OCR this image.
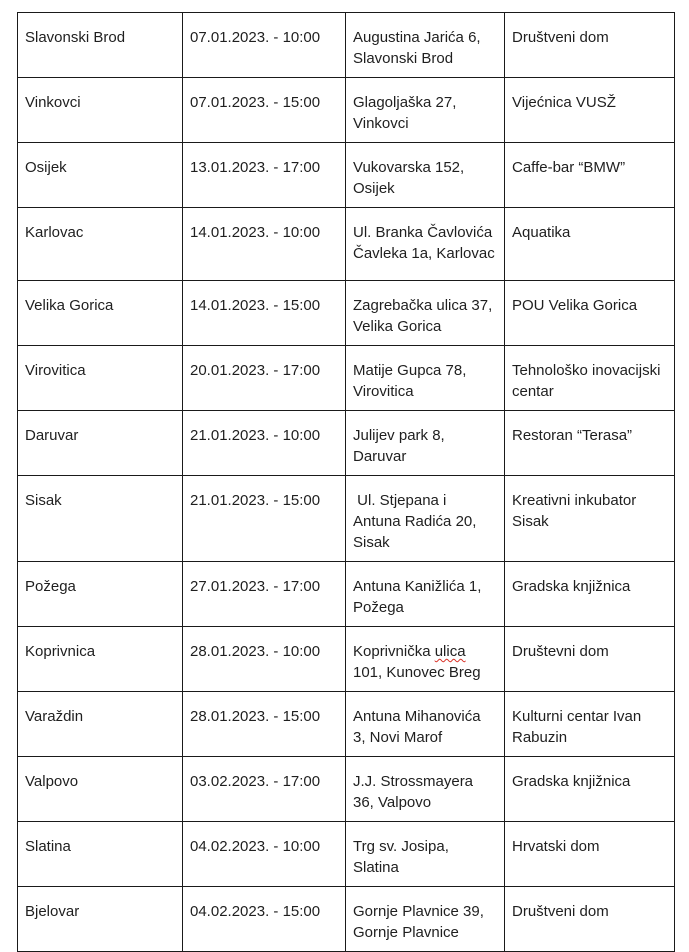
Slavonski Brod	07.01.2023. - 10:00	Augustina Jarića 6, Slavonski Brod	Društveni dom
Vinkovci	07.01.2023. - 15:00	Glagoljaška 27, Vinkovci	Vijećnica VUSŽ
Osijek	13.01.2023. - 17:00	Vukovarska 152, Osijek	Caffe-bar “BMW”
Karlovac	14.01.2023. - 10:00	Ul. Branka Čavlovića Čavleka 1a, Karlovac	Aquatika
Velika Gorica	14.01.2023. - 15:00	Zagrebačka ulica 37, Velika Gorica	POU Velika Gorica
Virovitica	20.01.2023. - 17:00	Matije Gupca 78, Virovitica	Tehnološko inovacijski centar
Daruvar	21.01.2023. - 10:00	Julijev park 8, Daruvar	Restoran “Terasa”
Sisak	21.01.2023. - 15:00	Ul. Stjepana i Antuna Radića 20, Sisak	Kreativni inkubator Sisak
Požega	27.01.2023. - 17:00	Antuna Kanižlića 1, Požega	Gradska knjižnica
Koprivnica	28.01.2023. - 10:00	Koprivnička ulica 101, Kunovec Breg	Društevni dom
Varaždin	28.01.2023. - 15:00	Antuna Mihanovića 3, Novi Marof	Kulturni centar Ivan Rabuzin
Valpovo	03.02.2023. - 17:00	J.J. Strossmayera 36, Valpovo	Gradska knjižnica
Slatina	04.02.2023. - 10:00	Trg sv. Josipa, Slatina	Hrvatski dom
Bjelovar	04.02.2023. - 15:00	Gornje Plavnice 39, Gornje Plavnice	Društveni dom
